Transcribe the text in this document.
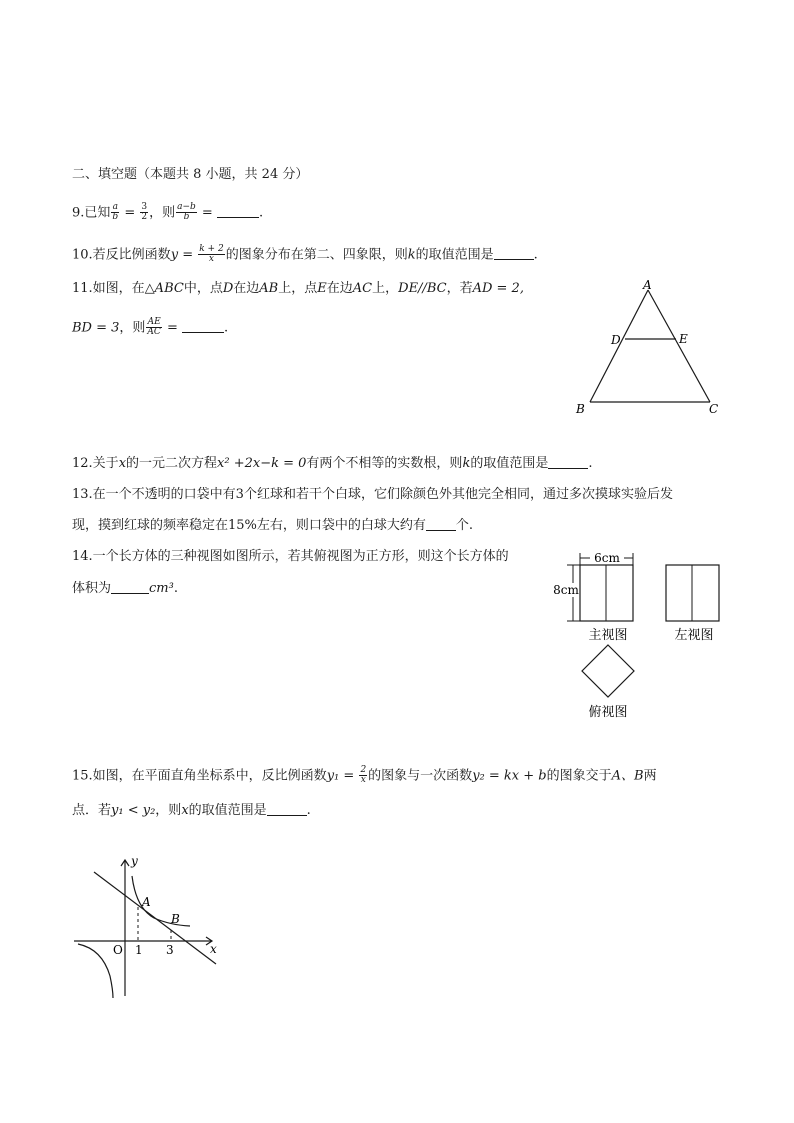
二、填空题（本题共 8 小题，共 24 分）
9.已知 $\frac{a}{b} = \frac{3}{2}$ ，则 $\frac{a-b}{b}$ =	.
10.若反比例函数$y = \frac{k + 2}{x}$ 的图象分布在第二、四象限，则k的取值范围是	.
11.如图，在△ABC中，点D在边AB上，点E在边AC上，DE//BC，若AD = 2,
BD = 3，则 $\frac{AE}{AC}$ =	.
A
D	E
B	C
12.关于x的一元二次方程x² +2x−k = 0有两个不相等的实数根，则k的取值范围是	.
13.在一个不透明的口袋中有3个红球和若干个白球，它们除颜色外其他完全相同，通过多次摸球实验后发
现，摸到红球的频率稳定在15%左右，则口袋中的白球大约有 个.
14.一个长方体的三种视图如图所示，若其俯视图为正方形，则这个长方体的
体积为	cm³.
6cm
8cm
主视图	左视图
俯视图
15.如图，在平面直角坐标系中，反比例函数$y_1 = \frac{2}{x}$ 的图象与一次函数y₂ = kx + b的图象交于A、B两
点．若y₁ < y₂，则x的取值范围是	.
y
x
O 1 3
A
B
